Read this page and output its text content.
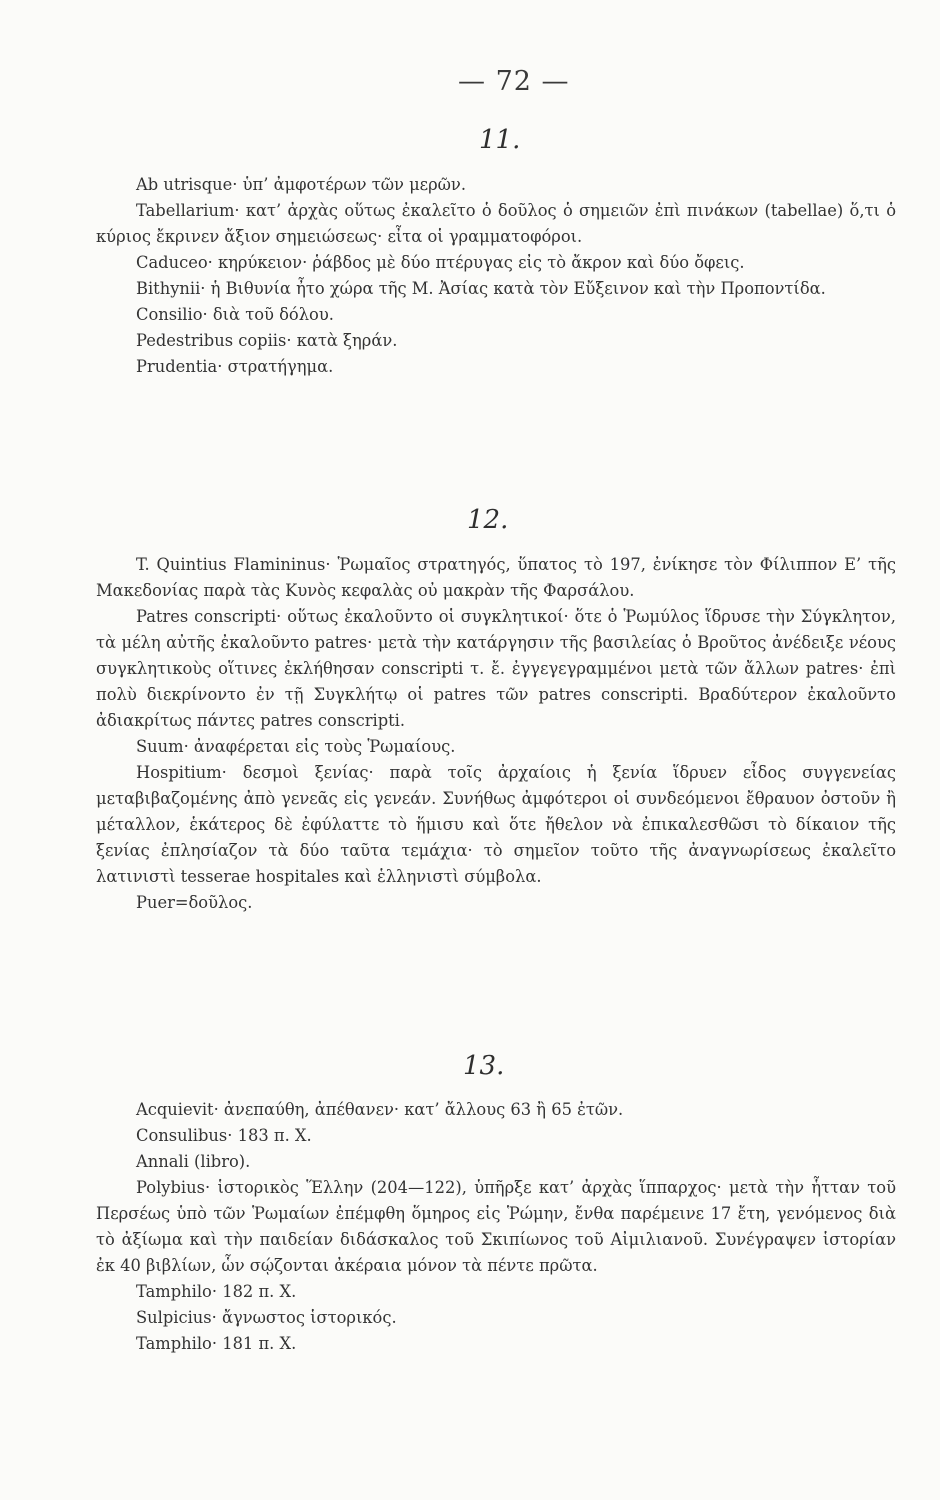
— 72 —
11.

Ab utrisque· ὑπ’ ἀμφοτέρων τῶν μερῶν.

Tabellarium· κατ’ ἀρχὰς οὕτως ἐκαλεῖτο ὁ δοῦλος ὁ σημειῶν ἐπὶ πινάκων (tabellae) ὅ,τι ὁ κύριος ἔκρινεν ἄξιον σημειώσεως· εἶτα οἱ γραμματοφόροι.

Caduceo· κηρύκειον· ῥάβδος μὲ δύο πτέρυγας εἰς τὸ ἄκρον καὶ δύο ὄφεις.

Bithynii· ἡ Βιθυνία ἦτο χώρα τῆς Μ. Ἀσίας κατὰ τὸν Εὔξεινον καὶ τὴν Προποντίδα.

Consilio· διὰ τοῦ δόλου.

Pedestribus copiis· κατὰ ξηράν.

Prudentia· στρατήγημα.

12.

T. Quintius Flamininus· Ῥωμαῖος στρατηγός, ὕπατος τὸ 197, ἐνίκησε τὸν Φίλιππον Ε’ τῆς Μακεδονίας παρὰ τὰς Κυνὸς κεφαλὰς οὐ μακρὰν τῆς Φαρσάλου.

Patres conscripti· οὕτως ἐκαλοῦντο οἱ συγκλητικοί· ὅτε ὁ Ῥωμύλος ἵδρυσε τὴν Σύγκλητον, τὰ μέλη αὐτῆς ἐκαλοῦντο patres· μετὰ τὴν κατάργησιν τῆς βασιλείας ὁ Βροῦτος ἀνέδειξε νέους συγκλητικοὺς οἵτινες ἐκλήθησαν conscripti τ. ἔ. ἐγγεγεγραμμένοι μετὰ τῶν ἄλλων patres· ἐπὶ πολὺ διεκρίνοντο ἐν τῇ Συγκλήτῳ οἱ patres τῶν patres conscripti. Βραδύτερον ἐκαλοῦντο ἀδιακρίτως πάντες patres conscripti.

Suum· ἀναφέρεται εἰς τοὺς Ῥωμαίους.

Hospitium· δεσμοὶ ξενίας· παρὰ τοῖς ἀρχαίοις ἡ ξενία ἵδρυεν εἶδος συγγενείας μεταβιβαζομένης ἀπὸ γενεᾶς εἰς γενεάν. Συνήθως ἀμφότεροι οἱ συνδεόμενοι ἔθραυον ὀστοῦν ἢ μέταλλον, ἑκάτερος δὲ ἐφύλαττε τὸ ἥμισυ καὶ ὅτε ἤθελον νὰ ἐπικαλεσθῶσι τὸ δίκαιον τῆς ξενίας ἐπλησίαζον τὰ δύο ταῦτα τεμάχια· τὸ σημεῖον τοῦτο τῆς ἀναγνωρίσεως ἐκαλεῖτο λατινιστὶ tesserae hospitales καὶ ἑλληνιστὶ σύμβολα.

Puer=δοῦλος.

13.

Acquievit· ἀνεπαύθη, ἀπέθανεν· κατ’ ἄλλους 63 ἢ 65 ἐτῶν.

Consulibus· 183 π. Χ.

Annali (libro).

Polybius· ἱστορικὸς Ἕλλην (204—122), ὑπῆρξε κατ’ ἀρχὰς ἵππαρχος· μετὰ τὴν ἧτταν τοῦ Περσέως ὑπὸ τῶν Ῥωμαίων ἐπέμφθη ὅμηρος εἰς Ῥώμην, ἔνθα παρέμεινε 17 ἔτη, γενόμενος διὰ τὸ ἀξίωμα καὶ τὴν παιδείαν διδάσκαλος τοῦ Σκιπίωνος τοῦ Αἰμιλιανοῦ. Συνέγραψεν ἱστορίαν ἐκ 40 βιβλίων, ὧν σῴζονται ἀκέραια μόνον τὰ πέντε πρῶτα.

Tamphilo· 182 π. Χ.

Sulpicius· ἄγνωστος ἱστορικός.

Tamphilo· 181 π. Χ.
